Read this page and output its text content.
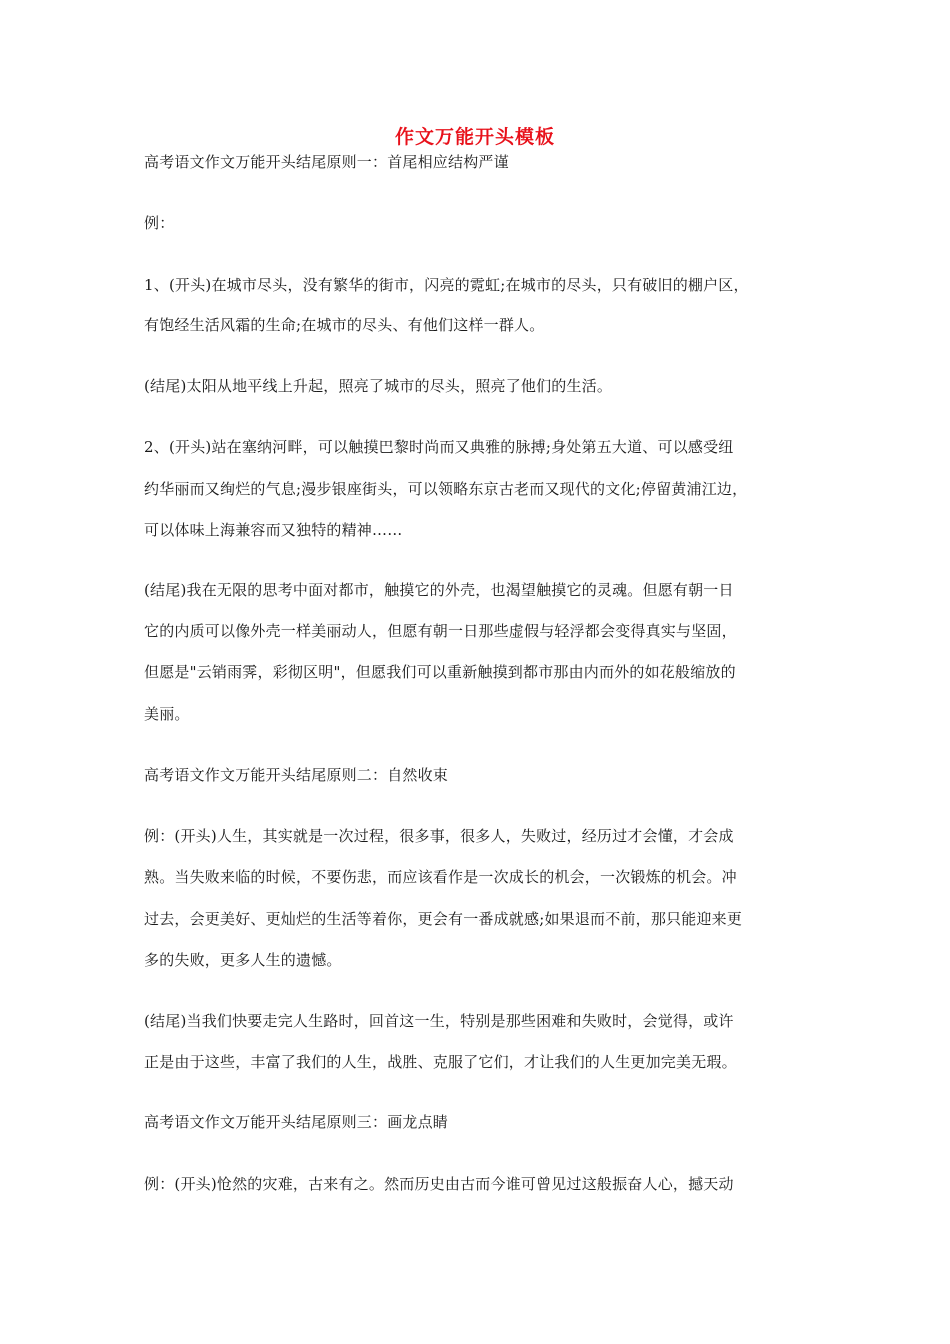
作文万能开头模板
高考语文作文万能开头结尾原则一：首尾相应结构严谨
例：
1、(开头)在城市尽头，没有繁华的街市，闪亮的霓虹;在城市的尽头，只有破旧的棚户区，
有饱经生活风霜的生命;在城市的尽头、有他们这样一群人。
(结尾)太阳从地平线上升起，照亮了城市的尽头，照亮了他们的生活。
2、(开头)站在塞纳河畔，可以触摸巴黎时尚而又典雅的脉搏;身处第五大道、可以感受纽
约华丽而又绚烂的气息;漫步银座街头，可以领略东京古老而又现代的文化;停留黄浦江边，
可以体味上海兼容而又独特的精神……
(结尾)我在无限的思考中面对都市，触摸它的外壳，也渴望触摸它的灵魂。但愿有朝一日
它的内质可以像外壳一样美丽动人，但愿有朝一日那些虚假与轻浮都会变得真实与坚固，
但愿是"云销雨霁，彩彻区明"，但愿我们可以重新触摸到都市那由内而外的如花般缩放的
美丽。
高考语文作文万能开头结尾原则二：自然收束
例：(开头)人生，其实就是一次过程，很多事，很多人，失败过，经历过才会懂，才会成
熟。当失败来临的时候，不要伤悲，而应该看作是一次成长的机会，一次锻炼的机会。冲
过去，会更美好、更灿烂的生活等着你，更会有一番成就感;如果退而不前，那只能迎来更
多的失败，更多人生的遗憾。
(结尾)当我们快要走完人生路时，回首这一生，特别是那些困难和失败时，会觉得，或许
正是由于这些，丰富了我们的人生，战胜、克服了它们，才让我们的人生更加完美无瑕。
高考语文作文万能开头结尾原则三：画龙点睛
例：(开头)怆然的灾难，古来有之。然而历史由古而今谁可曾见过这般振奋人心，撼天动
